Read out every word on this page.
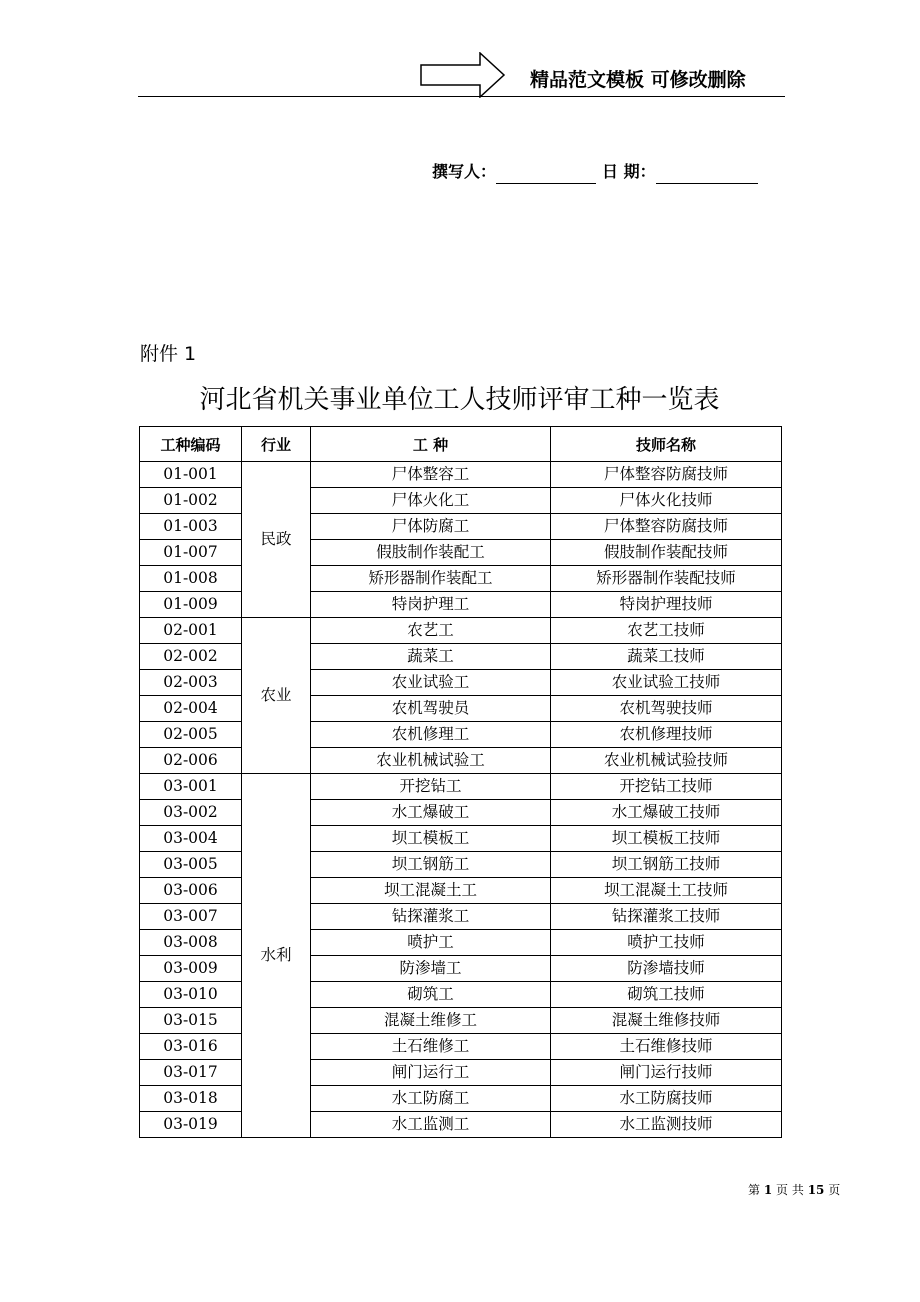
精品范文模板 可修改删除
撰写人：	日 期：
附件 1
河北省机关事业单位工人技师评审工种一览表
工种编码	行业	工 种	技师名称
01-001	民政	尸体整容工	尸体整容防腐技师
01-002		尸体火化工	尸体火化技师
01-003		尸体防腐工	尸体整容防腐技师
01-007		假肢制作装配工	假肢制作装配技师
01-008		矫形器制作装配工	矫形器制作装配技师
01-009		特岗护理工	特岗护理技师
02-001	农业	农艺工	农艺工技师
02-002		蔬菜工	蔬菜工技师
02-003		农业试验工	农业试验工技师
02-004		农机驾驶员	农机驾驶技师
02-005		农机修理工	农机修理技师
02-006		农业机械试验工	农业机械试验技师
03-001	水利	开挖钻工	开挖钻工技师
03-002		水工爆破工	水工爆破工技师
03-004		坝工模板工	坝工模板工技师
03-005		坝工钢筋工	坝工钢筋工技师
03-006		坝工混凝土工	坝工混凝土工技师
03-007		钻探灌浆工	钻探灌浆工技师
03-008		喷护工	喷护工技师
03-009		防渗墙工	防渗墙技师
03-010		砌筑工	砌筑工技师
03-015		混凝土维修工	混凝土维修技师
03-016		土石维修工	土石维修技师
03-017		闸门运行工	闸门运行技师
03-018		水工防腐工	水工防腐技师
03-019		水工监测工	水工监测技师
第 1 页 共 15 页
